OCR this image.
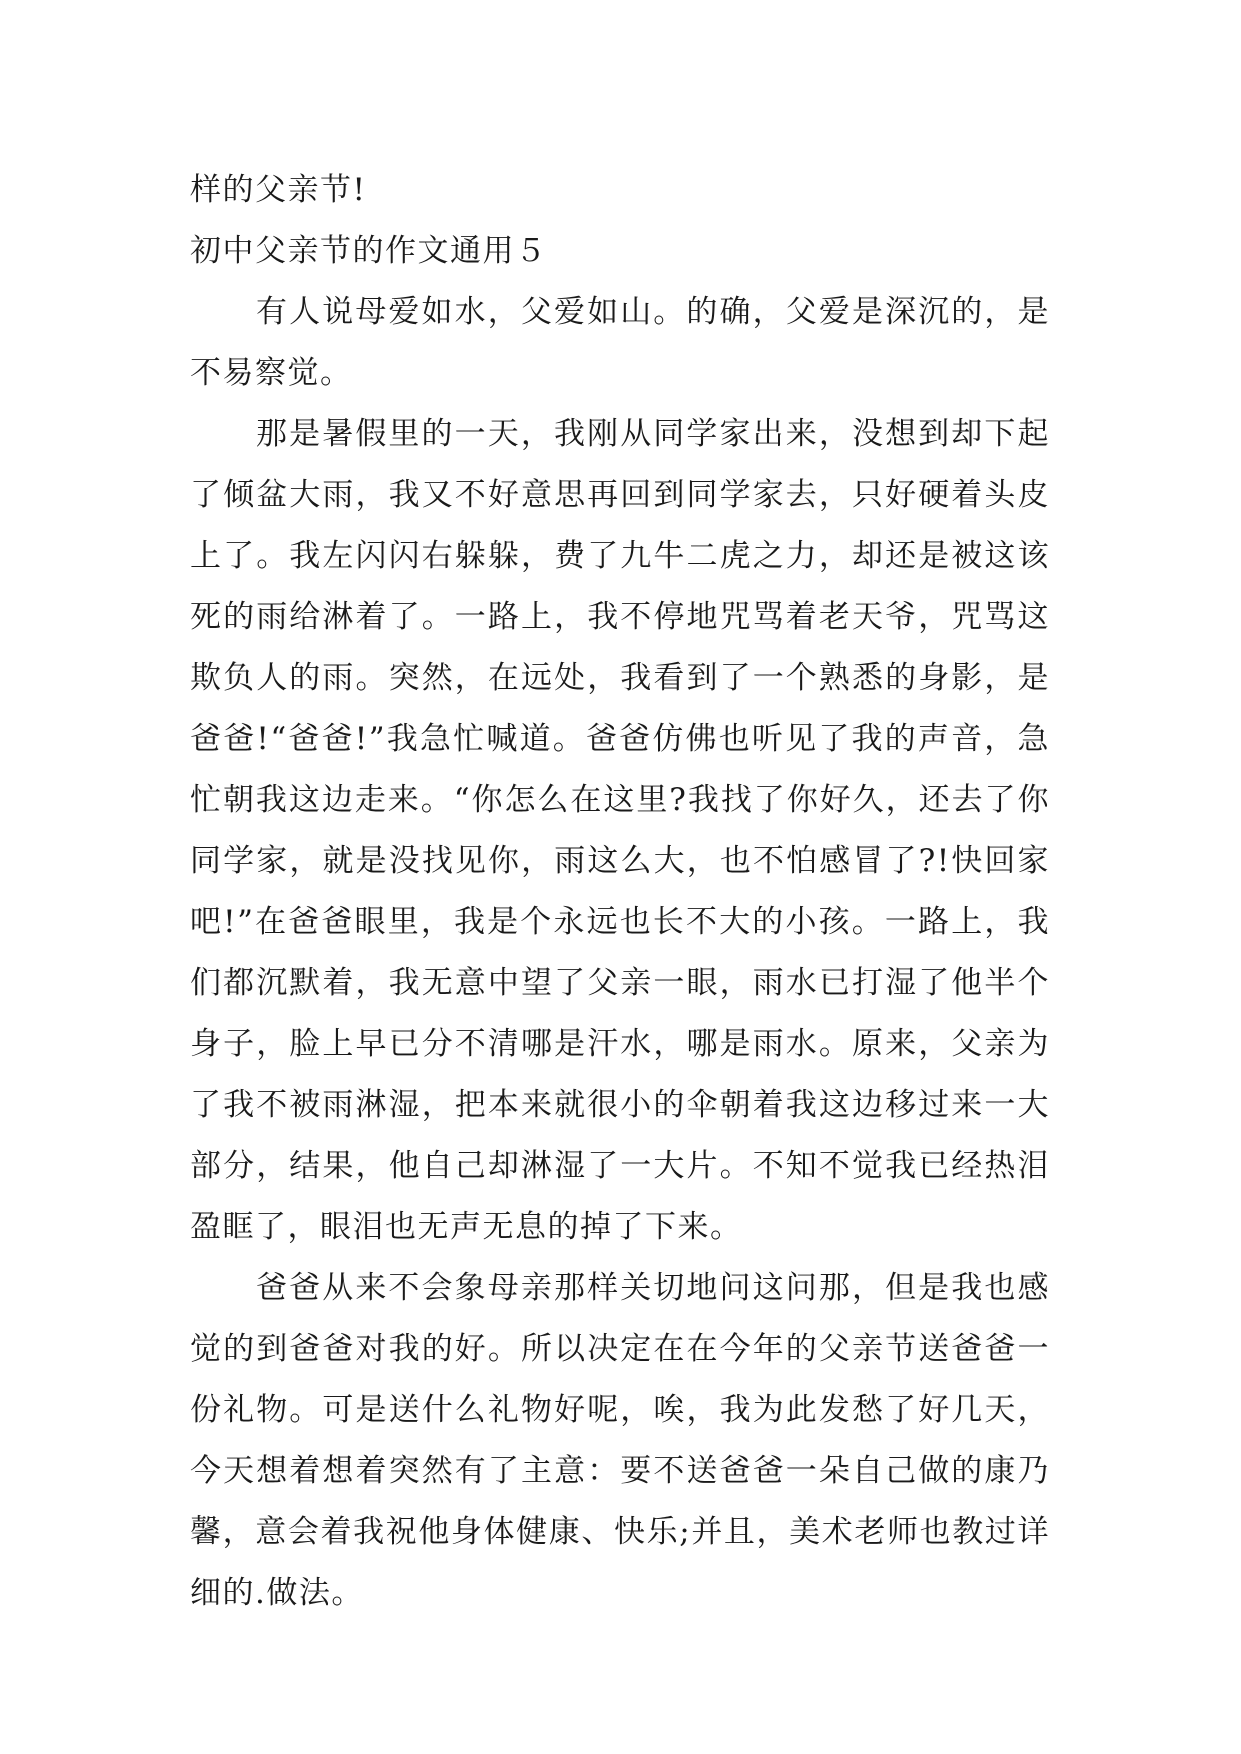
样的父亲节!

初中父亲节的作文通用５

有人说母爱如水，父爱如山。的确，父爱是深沉的，是不易察觉。

那是暑假里的一天，我刚从同学家出来，没想到却下起了倾盆大雨，我又不好意思再回到同学家去，只好硬着头皮上了。我左闪闪右躲躲，费了九牛二虎之力，却还是被这该死的雨给淋着了。一路上，我不停地咒骂着老天爷，咒骂这欺负人的雨。突然，在远处，我看到了一个熟悉的身影，是爸爸!“爸爸!”我急忙喊道。爸爸仿佛也听见了我的声音，急忙朝我这边走来。“你怎么在这里?我找了你好久，还去了你同学家，就是没找见你，雨这么大，也不怕感冒了?!快回家吧!”在爸爸眼里，我是个永远也长不大的小孩。一路上，我们都沉默着，我无意中望了父亲一眼，雨水已打湿了他半个身子，脸上早已分不清哪是汗水，哪是雨水。原来，父亲为了我不被雨淋湿，把本来就很小的伞朝着我这边移过来一大部分，结果，他自己却淋湿了一大片。不知不觉我已经热泪盈眶了，眼泪也无声无息的掉了下来。

爸爸从来不会象母亲那样关切地问这问那，但是我也感觉的到爸爸对我的好。所以决定在在今年的父亲节送爸爸一份礼物。可是送什么礼物好呢，唉，我为此发愁了好几天，今天想着想着突然有了主意：要不送爸爸一朵自己做的康乃馨，意会着我祝他身体健康、快乐;并且，美术老师也教过详细的.做法。
